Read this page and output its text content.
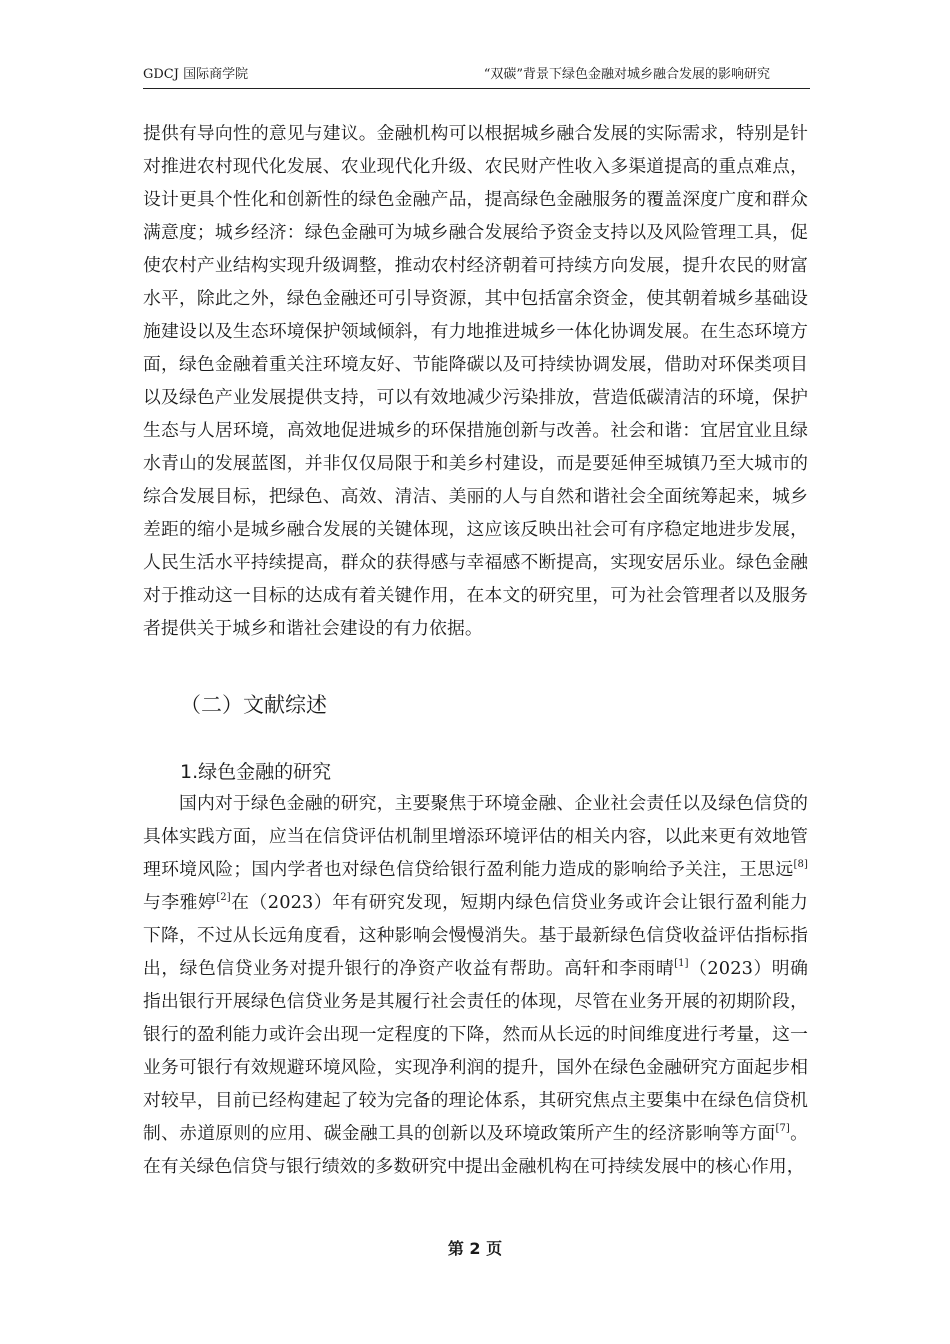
GDCJ 国际商学院	“双碳”背景下绿色金融对城乡融合发展的影响研究

提供有导向性的意见与建议。金融机构可以根据城乡融合发展的实际需求，特别是针对推进农村现代化发展、农业现代化升级、农民财产性收入多渠道提高的重点难点，设计更具个性化和创新性的绿色金融产品，提高绿色金融服务的覆盖深度广度和群众满意度；城乡经济：绿色金融可为城乡融合发展给予资金支持以及风险管理工具，促使农村产业结构实现升级调整，推动农村经济朝着可持续方向发展，提升农民的财富水平，除此之外，绿色金融还可引导资源，其中包括富余资金，使其朝着城乡基础设施建设以及生态环境保护领域倾斜，有力地推进城乡一体化协调发展。在生态环境方面，绿色金融着重关注环境友好、节能降碳以及可持续协调发展，借助对环保类项目以及绿色产业发展提供支持，可以有效地减少污染排放，营造低碳清洁的环境，保护生态与人居环境，高效地促进城乡的环保措施创新与改善。社会和谐：宜居宜业且绿水青山的发展蓝图，并非仅仅局限于和美乡村建设，而是要延伸至城镇乃至大城市的综合发展目标，把绿色、高效、清洁、美丽的人与自然和谐社会全面统筹起来，城乡差距的缩小是城乡融合发展的关键体现，这应该反映出社会可有序稳定地进步发展，人民生活水平持续提高，群众的获得感与幸福感不断提高，实现安居乐业。绿色金融对于推动这一目标的达成有着关键作用，在本文的研究里，可为社会管理者以及服务者提供关于城乡和谐社会建设的有力依据。

（二）文献综述
1.绿色金融的研究

国内对于绿色金融的研究，主要聚焦于环境金融、企业社会责任以及绿色信贷的具体实践方面，应当在信贷评估机制里增添环境评估的相关内容，以此来更有效地管理环境风险；国内学者也对绿色信贷给银行盈利能力造成的影响给予关注，王思远[8]与李雅婷[2]在（2023）年有研究发现，短期内绿色信贷业务或许会让银行盈利能力下降，不过从长远角度看，这种影响会慢慢消失。基于最新绿色信贷收益评估指标指出，绿色信贷业务对提升银行的净资产收益有帮助。高轩和李雨晴[1]（2023）明确指出银行开展绿色信贷业务是其履行社会责任的体现，尽管在业务开展的初期阶段，银行的盈利能力或许会出现一定程度的下降，然而从长远的时间维度进行考量，这一业务可银行有效规避环境风险，实现净利润的提升，国外在绿色金融研究方面起步相对较早，目前已经构建起了较为完备的理论体系，其研究焦点主要集中在绿色信贷机制、赤道原则的应用、碳金融工具的创新以及环境政策所产生的经济影响等方面[7]。在有关绿色信贷与银行绩效的多数研究中提出金融机构在可持续发展中的核心作用，

第 2 页
